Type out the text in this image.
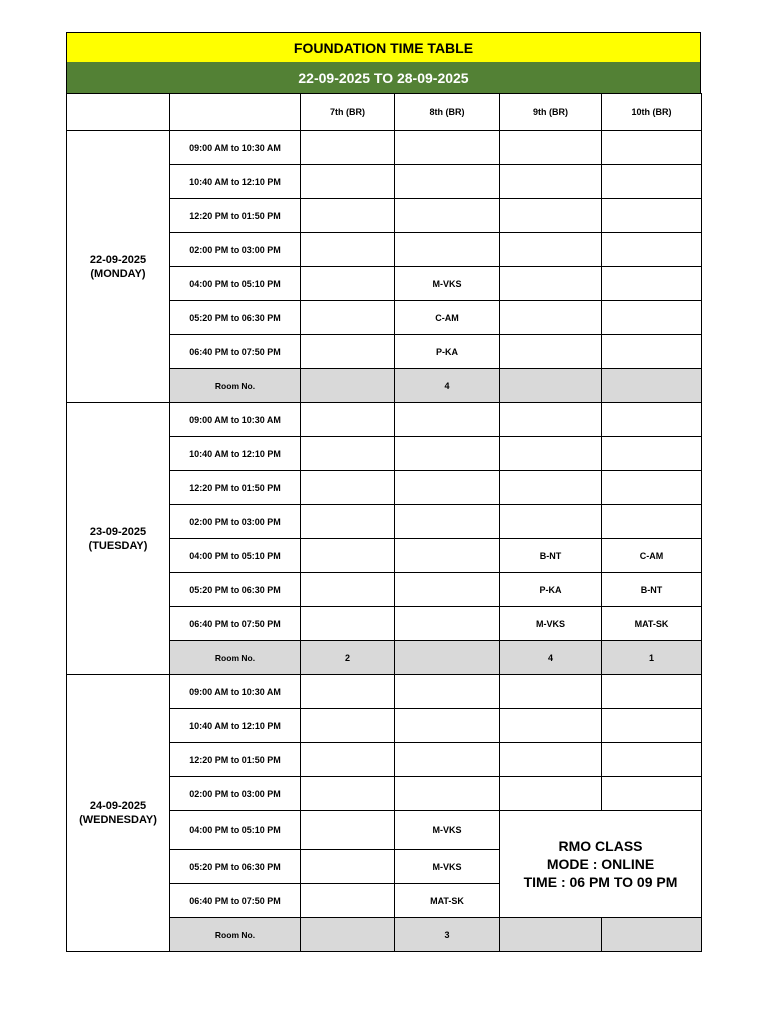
FOUNDATION TIME TABLE
22-09-2025 TO 28-09-2025
		7th (BR)	8th (BR)	9th (BR)	10th (BR)

22-09-2025
(MONDAY)	09:00 AM to 10:30 AM				
	10:40 AM to 12:10 PM				
	12:20 PM to 01:50 PM				
	02:00 PM to 03:00 PM				
	04:00 PM to 05:10 PM		M-VKS		
	05:20 PM to 06:30 PM		C-AM		
	06:40 PM to 07:50 PM		P-KA		
	Room No.		4		

23-09-2025
(TUESDAY)	09:00 AM to 10:30 AM				
	10:40 AM to 12:10 PM				
	12:20 PM to 01:50 PM				
	02:00 PM to 03:00 PM				
	04:00 PM to 05:10 PM			B-NT	C-AM
	05:20 PM to 06:30 PM			P-KA	B-NT
	06:40 PM to 07:50 PM			M-VKS	MAT-SK
	Room No.	2		4	1

24-09-2025
(WEDNESDAY)	09:00 AM to 10:30 AM				
	10:40 AM to 12:10 PM				
	12:20 PM to 01:50 PM				
	02:00 PM to 03:00 PM				
	04:00 PM to 05:10 PM		M-VKS	RMO CLASS
MODE : ONLINE
TIME : 06 PM TO 09 PM	

	05:20 PM to 06:30 PM		M-VKS		
	06:40 PM to 07:50 PM		MAT-SK		
	Room No.		3		
